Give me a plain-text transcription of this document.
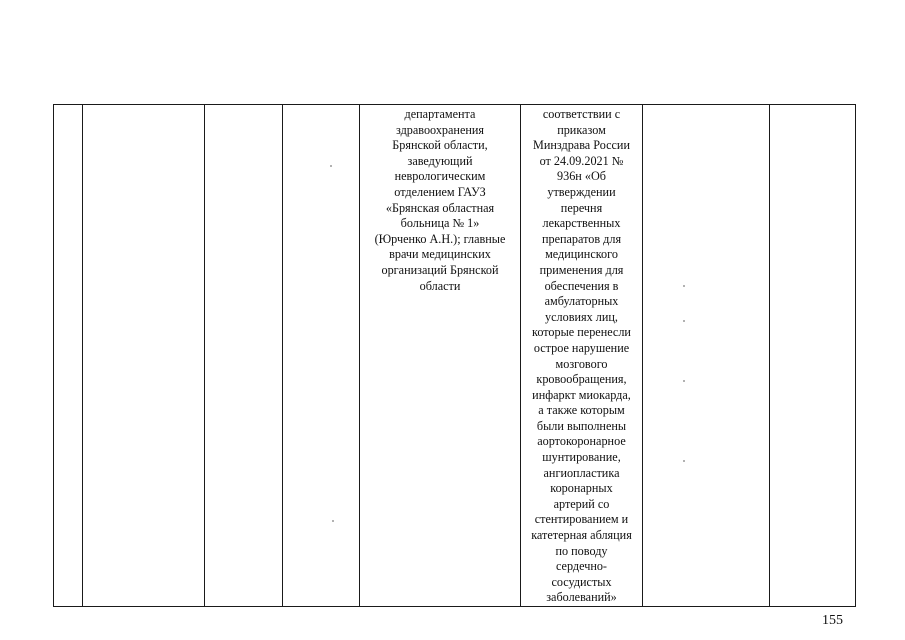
департамента
здравоохранения
Брянской области,
заведующий
неврологическим
отделением ГАУЗ
«Брянская областная
больница № 1»
(Юрченко А.Н.); главные
врачи медицинских
организаций Брянской
области

соответствии с
приказом
Минздрава России
от 24.09.2021 №
936н «Об
утверждении
перечня
лекарственных
препаратов для
медицинского
применения для
обеспечения в
амбулаторных
условиях лиц,
которые перенесли
острое нарушение
мозгового
кровообращения,
инфаркт миокарда,
а также которым
были выполнены
аортокоронарное
шунтирование,
ангиопластика
коронарных
артерий со
стентированием и
катетерная абляция
по поводу
сердечно-
сосудистых
заболеваний»

155
